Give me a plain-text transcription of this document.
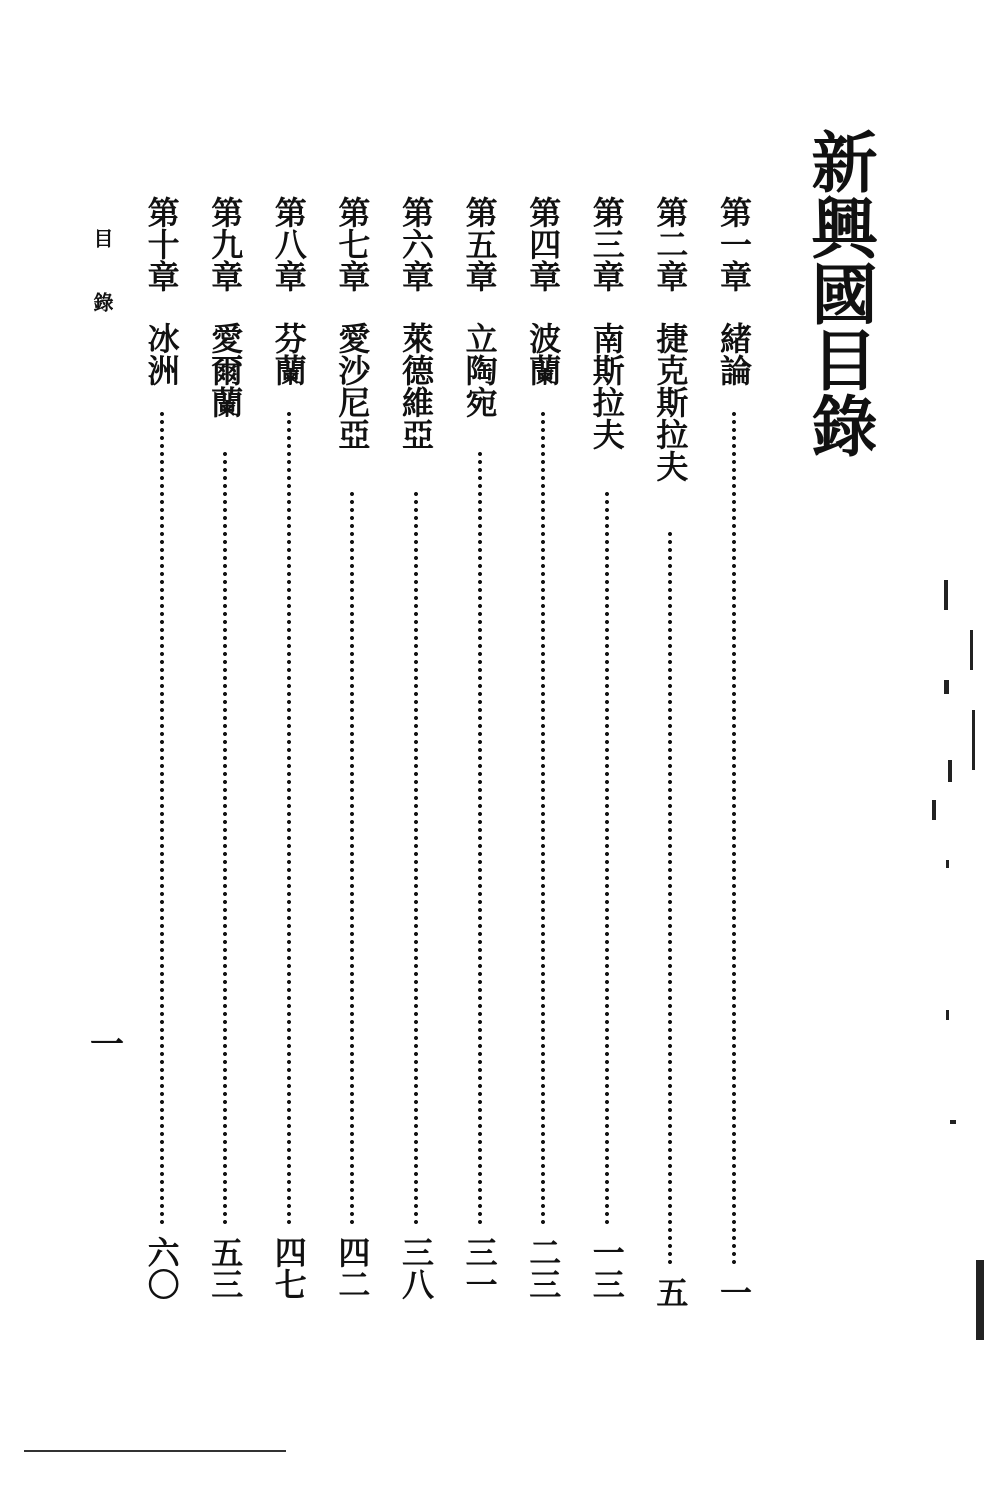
新興國目錄
第一章
緒論
一
第二章
捷克斯拉夫
五
第三章
南斯拉夫
一三
第四章
波蘭
二三
第五章
立陶宛
三一
第六章
萊德維亞
三八
第七章
愛沙尼亞
四二
第八章
芬蘭
四七
第九章
愛爾蘭
五三
第十章
冰洲
六〇
目錄
一
